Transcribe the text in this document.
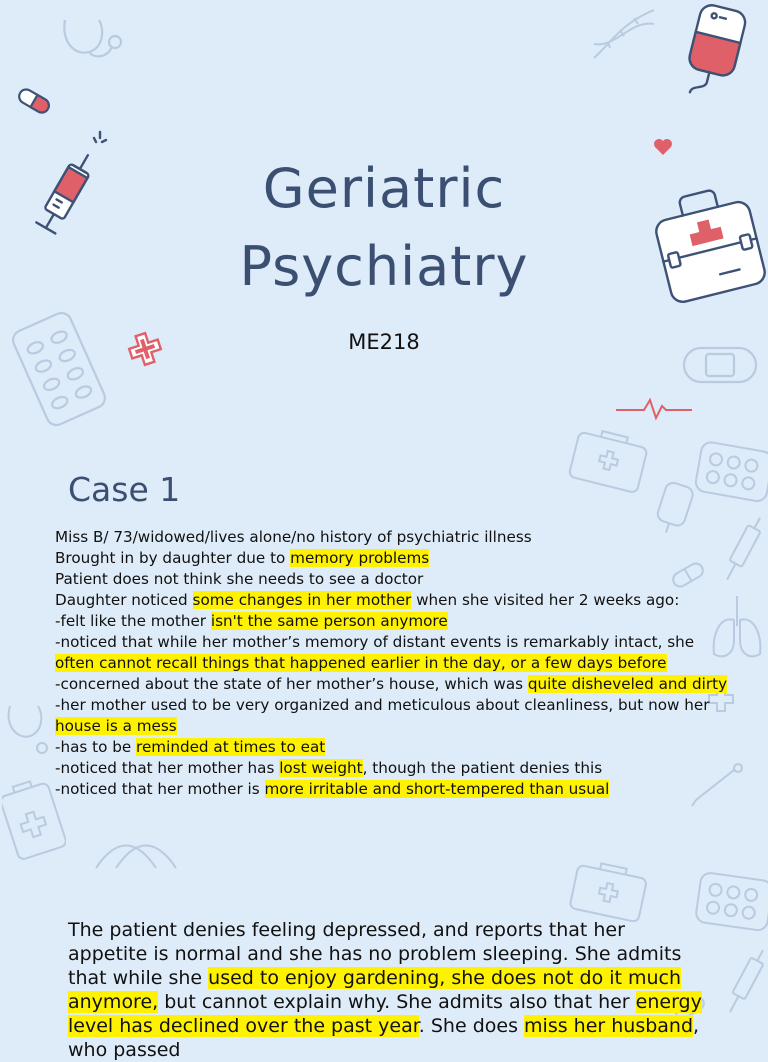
Geriatric
Psychiatry
ME218
Case 1
Miss B/ 73/widowed/lives alone/no history of psychiatric illness
Brought in by daughter due to memory problems
Patient does not think she needs to see a doctor
Daughter noticed some changes in her mother when she visited her 2 weeks ago:
-felt like the mother isn't the same person anymore
-noticed that while her mother’s memory of distant events is remarkably intact, she
often cannot recall things that happened earlier in the day, or a few days before
-concerned about the state of her mother’s house, which was quite disheveled and dirty
-her mother used to be very organized and meticulous about cleanliness, but now her
house is a mess
-has to be reminded at times to eat
-noticed that her mother has lost weight, though the patient denies this
-noticed that her mother is more irritable and short-tempered than usual
The patient denies feeling depressed, and reports that her appetite is normal and she has no problem sleeping. She admits that while she used to enjoy gardening, she does not do it much anymore, but cannot explain why. She admits also that her energy level has declined over the past year. She does miss her husband, who passed
